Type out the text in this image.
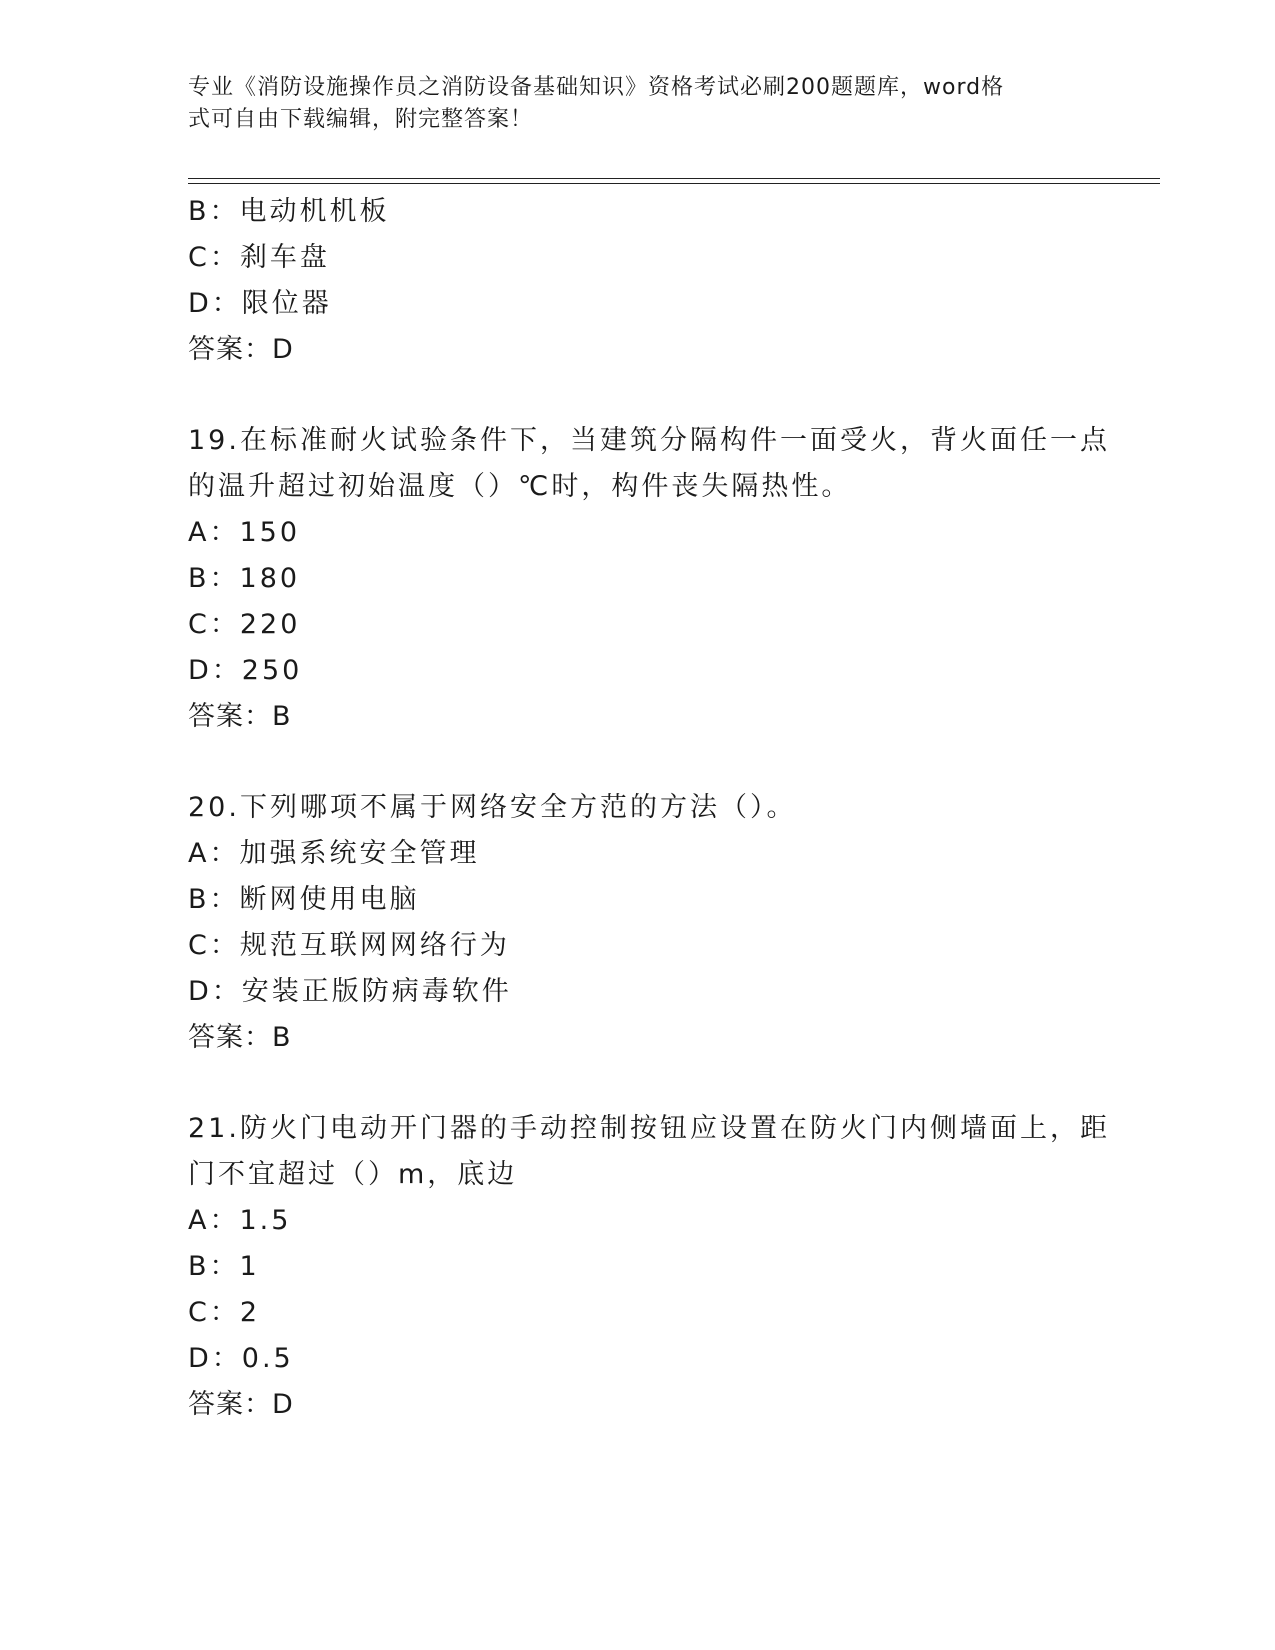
专业《消防设施操作员之消防设备基础知识》资格考试必刷200题题库，word格
式可自由下载编辑，附完整答案！
B：电动机机板
C：刹车盘
D：限位器
答案：D
19.在标准耐火试验条件下，当建筑分隔构件一面受火，背火面任一点
的温升超过初始温度（）℃时，构件丧失隔热性。
A：150
B：180
C：220
D：250
答案：B
20.下列哪项不属于网络安全方范的方法（）。
A：加强系统安全管理
B：断网使用电脑
C：规范互联网网络行为
D：安装正版防病毒软件
答案：B
21.防火门电动开门器的手动控制按钮应设置在防火门内侧墙面上，距
门不宜超过（）m，底边
A：1.5
B：1
C：2
D：0.5
答案：D
